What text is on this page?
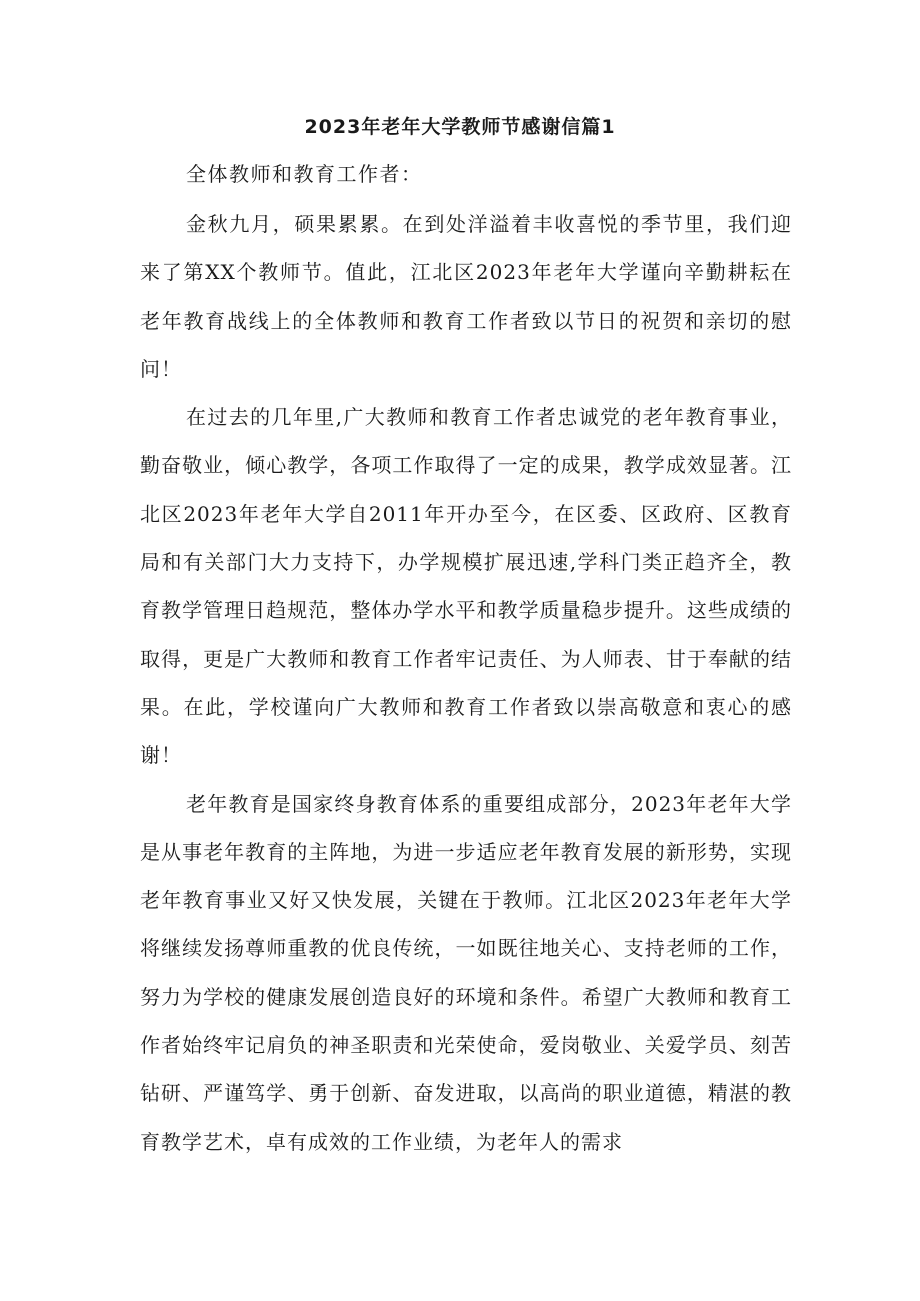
2023年老年大学教师节感谢信篇1
全体教师和教育工作者：

金秋九月，硕果累累。在到处洋溢着丰收喜悦的季节里，我们迎来了第XX个教师节。值此，江北区2023年老年大学谨向辛勤耕耘在老年教育战线上的全体教师和教育工作者致以节日的祝贺和亲切的慰问！

在过去的几年里,广大教师和教育工作者忠诚党的老年教育事业，勤奋敬业，倾心教学，各项工作取得了一定的成果，教学成效显著。江北区2023年老年大学自2011年开办至今，在区委、区政府、区教育局和有关部门大力支持下，办学规模扩展迅速,学科门类正趋齐全，教育教学管理日趋规范，整体办学水平和教学质量稳步提升。这些成绩的取得，更是广大教师和教育工作者牢记责任、为人师表、甘于奉献的结果。在此，学校谨向广大教师和教育工作者致以崇高敬意和衷心的感谢！

老年教育是国家终身教育体系的重要组成部分，2023年老年大学是从事老年教育的主阵地，为进一步适应老年教育发展的新形势，实现老年教育事业又好又快发展，关键在于教师。江北区2023年老年大学将继续发扬尊师重教的优良传统，一如既往地关心、支持老师的工作，努力为学校的健康发展创造良好的环境和条件。希望广大教师和教育工作者始终牢记肩负的神圣职责和光荣使命，爱岗敬业、关爱学员、刻苦钻研、严谨笃学、勇于创新、奋发进取，以高尚的职业道德，精湛的教育教学艺术，卓有成效的工作业绩，为老年人的需求
